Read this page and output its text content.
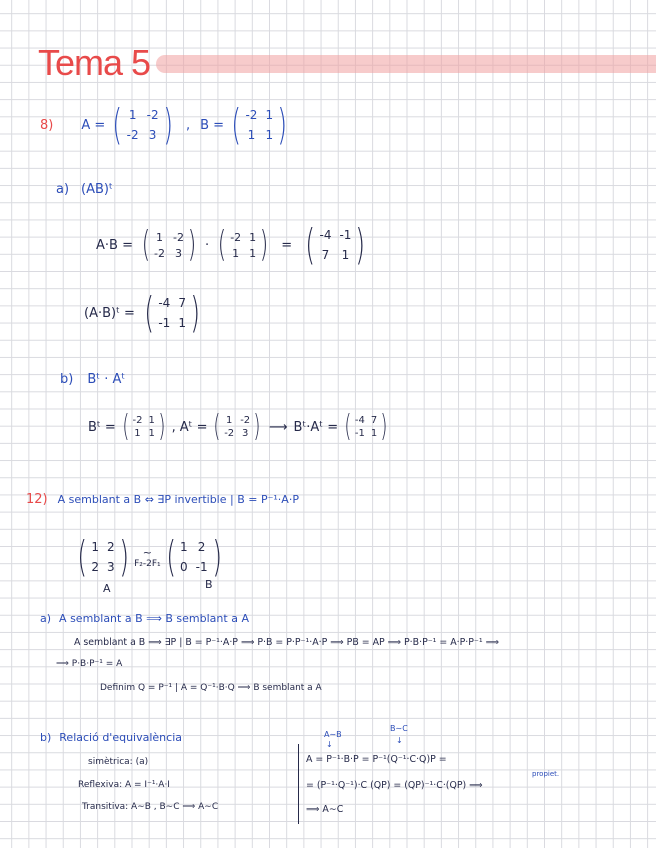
Tema 5
8) A = ( 1 -2
-2 3 ) , B = ( -2 1
1 1 )
a) (AB)ᵗ
A·B = ( 1 -2
-2 3 ) · ( -2 1
1 1 ) = ( -4 -1
7 1 )
(A·B)ᵗ = ( -4 7
-1 1 )
b) Bᵗ · Aᵗ
Bᵗ = ( -2 1
1 1 ) , Aᵗ = ( 1 -2
-2 3 ) ⟶ Bᵗ·Aᵗ = ( -4 7
-1 1 )
12) A semblant a B ⇔ ∃P invertible | B = P⁻¹·A·P
( 1 2
2 3 ) ~
F₂-2F₁ ( 1 2
0 -1 )
A	B
a) A semblant a B ⟹ B semblant a A
A semblant a B ⟹ ∃P | B = P⁻¹·A·P ⟹ P·B = P·P⁻¹·A·P ⟹ PB = AP ⟹ P·B·P⁻¹ = A·P·P⁻¹ ⟹
⟹ P·B·P⁻¹ = A
Definim Q = P⁻¹ | A = Q⁻¹·B·Q ⟹ B semblant a A
b) Relació d'equivalència
simètrica: (a)
Reflexiva: A = I⁻¹·A·I
Transitiva: A∼B , B∼C ⟹ A∼C
A∼B
↓
B∼C
↓
A = P⁻¹·B·P = P⁻¹(Q⁻¹·C·Q)P =
propiet.
= (P⁻¹·Q⁻¹)·C (QP) = (QP)⁻¹·C·(QP) ⟹
⟹ A∼C
